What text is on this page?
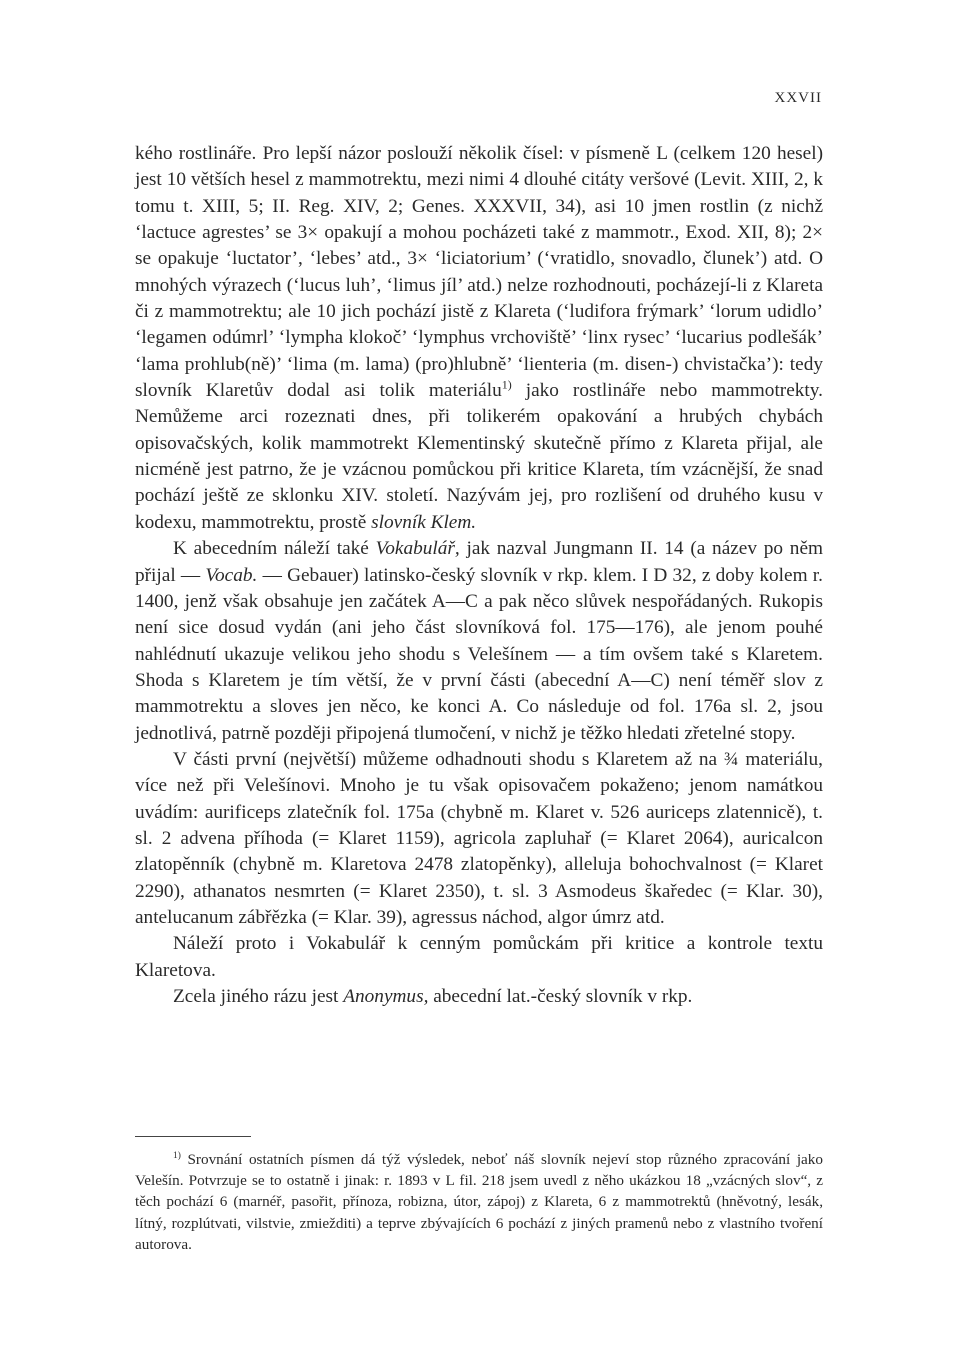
XXVII

kého rostlináře. Pro lepší názor poslouží několik čísel: v písmeně L (celkem 120 hesel) jest 10 větších hesel z mammotrektu, mezi nimi 4 dlouhé citáty veršové (Levit. XIII, 2, k tomu t. XIII, 5; II. Reg. XIV, 2; Genes. XXXVII, 34), asi 10 jmen rostlin (z nichž ‘lactuce agrestes’ se 3× opakují a mohou pocházeti také z mammotr., Exod. XII, 8); 2× se opakuje ‘luctator’, ‘lebes’ atd., 3× ‘liciatorium’ (‘vratidlo, snovadlo, člunek’) atd. O mnohých výrazech (‘lucus luh’, ‘limus jíl’ atd.) nelze rozhodnouti, pocházejí-li z Klareta či z mammotrektu; ale 10 jich pochází jistě z Klareta (‘ludifora frýmark’ ‘lorum udidlo’ ‘legamen odúmrl’ ‘lympha klokoč’ ‘lymphus vrchoviště’ ‘linx rysec’ ‘lucarius podlešák’ ‘lama prohlub(ně)’ ‘lima (m. lama) (pro)hlubně’ ‘lienteria (m. disen-) chvistačka’): tedy slovník Klaretův dodal asi tolik materiálu$^{1)}$ jako rostlináře nebo mammotrekty. Nemůžeme arci rozeznati dnes, při tolikerém opakování a hrubých chybách opisovačských, kolik mammotrekt Klementinský skutečně přímo z Klareta přijal, ale nicméně jest patrno, že je vzácnou pomůckou při kritice Klareta, tím vzácnější, že snad pochází ještě ze sklonku XIV. století. Nazývám jej, pro rozlišení od druhého kusu v kodexu, mammotrektu, prostě slovník Klem.

K abecedním náleží také Vokabulář, jak nazval Jungmann II. 14 (a název po něm přijal — Vocab. — Gebauer) latinsko-český slovník v rkp. klem. I D 32, z doby kolem r. 1400, jenž však obsahuje jen začátek A—C a pak něco slůvek nespořádaných. Rukopis není sice dosud vydán (ani jeho část slovníková fol. 175—176), ale jenom pouhé nahlédnutí ukazuje velikou jeho shodu s Velešínem — a tím ovšem také s Klaretem. Shoda s Klaretem je tím větší, že v první části (abecední A—C) není téměř slov z mammotrektu a sloves jen něco, ke konci A. Co následuje od fol. 176a sl. 2, jsou jednotlivá, patrně později připojená tlumočení, v nichž je těžko hledati zřetelné stopy.

V části první (největší) můžeme odhadnouti shodu s Klaretem až na ¾ materiálu, více než při Velešínovi. Mnoho je tu však opisovačem pokaženo; jenom namátkou uvádím: aurificeps zlatečník fol. 175a (chybně m. Klaret v. 526 auriceps zlatennicě), t. sl. 2 advena příhoda (= Klaret 1159), agricola zapluhař (= Klaret 2064), auricalcon zlatopěnník (chybně m. Klaretova 2478 zlatopěnky), alleluja bohochvalnost (= Klaret 2290), athanatos nesmrten (= Klaret 2350), t. sl. 3 Asmodeus škaředec (= Klar. 30), antelucanum zábřězka (= Klar. 39), agressus náchod, algor úmrz atd.

Náleží proto i Vokabulář k cenným pomůckám při kritice a kontrole textu Klaretova.

Zcela jiného rázu jest Anonymus, abecední lat.-český slovník v rkp.

$^{1)}$ Srovnání ostatních písmen dá týž výsledek, neboť náš slovník nejeví stop různého zpracování jako Velešín. Potvrzuje se to ostatně i jinak: r. 1893 v L fil. 218 jsem uvedl z něho ukázkou 18 „vzácných slov“, z těch pochází 6 (marnéř, pasořit, přínoza, robizna, útor, zápoj) z Klareta, 6 z mammotrektů (hněvotný, lesák, lítný, rozplútvati, vilstvie, zmiežditi) a teprve zbývajících 6 pochází z jiných pramenů nebo z vlastního tvoření autorova.
